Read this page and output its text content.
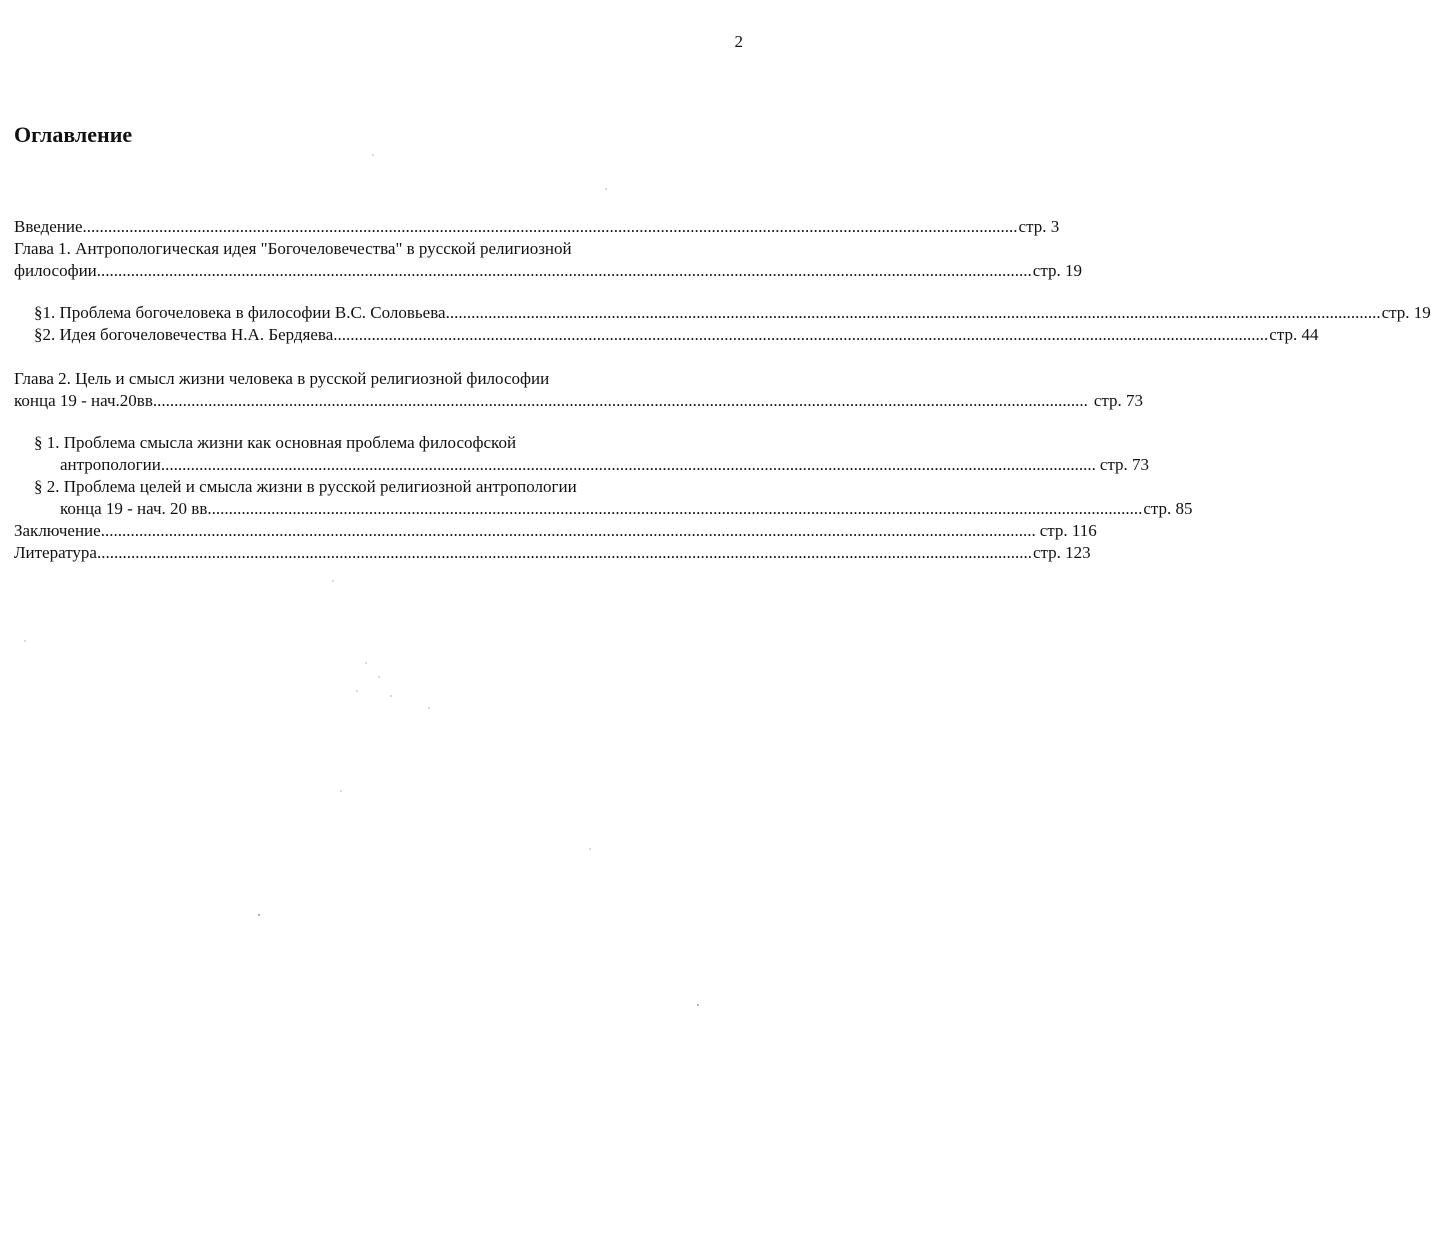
2
Оглавление
Введение ............................................................................................................................................................................................................................ стр. 3
Глава 1. Антропологическая идея "Богочеловечества" в русской религиозной
философии ............................................................................................................................................................................................................................ стр. 19
§1. Проблема богочеловека в философии В.С. Соловьева ............................................................................................................................................................................................................................ стр. 19
§2. Идея богочеловечества Н.А. Бердяева ............................................................................................................................................................................................................................ стр. 44
Глава 2. Цель и смысл жизни человека в русской религиозной философии
конца 19 - нач.20вв ............................................................................................................................................................................................................................ стр. 73
§ 1. Проблема смысла жизни как основная проблема философской
антропологии ............................................................................................................................................................................................................................ стр. 73
§ 2. Проблема целей и смысла жизни в русской религиозной антропологии
конца 19 - нач. 20 вв ............................................................................................................................................................................................................................ стр. 85
Заключение ............................................................................................................................................................................................................................ стр. 116
Литература ............................................................................................................................................................................................................................ стр. 123
